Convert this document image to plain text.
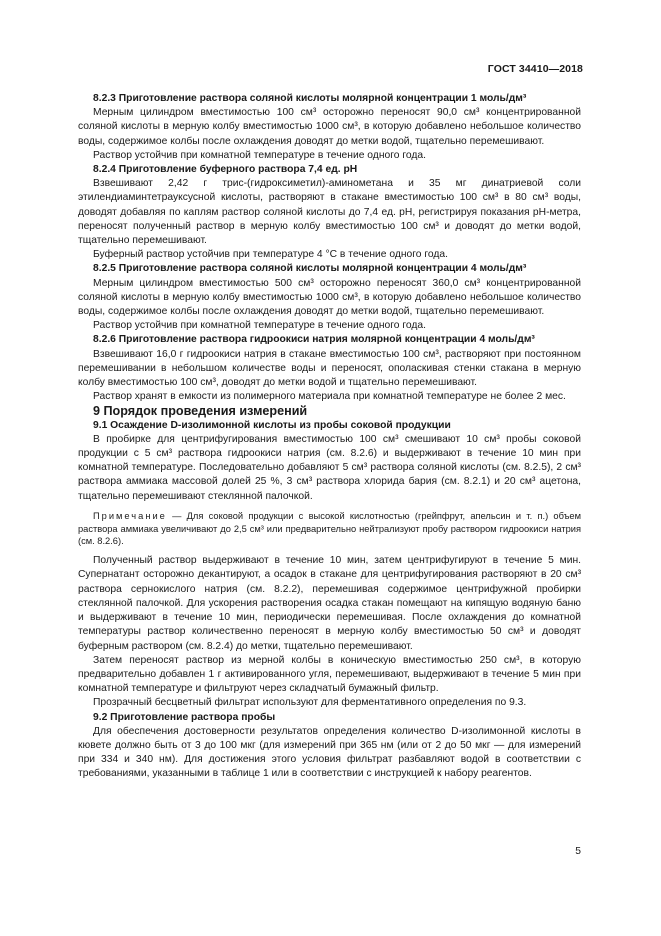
ГОСТ 34410—2018

8.2.3 Приготовление раствора соляной кислоты молярной концентрации 1 моль/дм³

Мерным цилиндром вместимостью 100 см³ осторожно переносят 90,0 см³ концентрированной соляной кислоты в мерную колбу вместимостью 1000 см³, в которую добавлено небольшое количество воды, содержимое колбы после охлаждения доводят до метки водой, тщательно перемешивают.

Раствор устойчив при комнатной температуре в течение одного года.

8.2.4 Приготовление буферного раствора 7,4 ед. pH

Взвешивают 2,42 г трис-(гидроксиметил)-аминометана и 35 мг динатриевой соли этилендиаминтетрауксусной кислоты, растворяют в стакане вместимостью 100 см³ в 80 см³ воды, доводят добавляя по каплям раствор соляной кислоты до 7,4 ед. pH, регистрируя показания pH-метра, переносят полученный раствор в мерную колбу вместимостью 100 см³ и доводят до метки водой, тщательно перемешивают.

Буферный раствор устойчив при температуре 4 °С в течение одного года.

8.2.5 Приготовление раствора соляной кислоты молярной концентрации 4 моль/дм³

Мерным цилиндром вместимостью 500 см³ осторожно переносят 360,0 см³ концентрированной соляной кислоты в мерную колбу вместимостью 1000 см³, в которую добавлено небольшое количество воды, содержимое колбы после охлаждения доводят до метки водой, тщательно перемешивают.

Раствор устойчив при комнатной температуре в течение одного года.

8.2.6 Приготовление раствора гидроокиси натрия молярной концентрации 4 моль/дм³

Взвешивают 16,0 г гидроокиси натрия в стакане вместимостью 100 см³, растворяют при постоянном перемешивании в небольшом количестве воды и переносят, ополаскивая стенки стакана в мерную колбу вместимостью 100 см³, доводят до метки водой и тщательно перемешивают.

Раствор хранят в емкости из полимерного материала при комнатной температуре не более 2 мес.

9 Порядок проведения измерений

9.1 Осаждение D-изолимонной кислоты из пробы соковой продукции

В пробирке для центрифугирования вместимостью 100 см³ смешивают 10 см³ пробы соковой продукции с 5 см³ раствора гидроокиси натрия (см. 8.2.6) и выдерживают в течение 10 мин при комнатной температуре. Последовательно добавляют 5 см³ раствора соляной кислоты (см. 8.2.5), 2 см³ раствора аммиака массовой долей 25 %, 3 см³ раствора хлорида бария (см. 8.2.1) и 20 см³ ацетона, тщательно перемешивают стеклянной палочкой.

Примечание — Для соковой продукции с высокой кислотностью (грейпфрут, апельсин и т. п.) объем раствора аммиака увеличивают до 2,5 см³ или предварительно нейтрализуют пробу раствором гидроокиси натрия (см. 8.2.6).

Полученный раствор выдерживают в течение 10 мин, затем центрифугируют в течение 5 мин. Супернатант осторожно декантируют, а осадок в стакане для центрифугирования растворяют в 20 см³ раствора сернокислого натрия (см. 8.2.2), перемешивая содержимое центрифужной пробирки стеклянной палочкой. Для ускорения растворения осадка стакан помещают на кипящую водяную баню и выдерживают в течение 10 мин, периодически перемешивая. После охлаждения до комнатной температуры раствор количественно переносят в мерную колбу вместимостью 50 см³ и доводят буферным раствором (см. 8.2.4) до метки, тщательно перемешивают.

Затем переносят раствор из мерной колбы в коническую вместимостью 250 см³, в которую предварительно добавлен 1 г активированного угля, перемешивают, выдерживают в течение 5 мин при комнатной температуре и фильтруют через складчатый бумажный фильтр.

Прозрачный бесцветный фильтрат используют для ферментативного определения по 9.3.

9.2 Приготовление раствора пробы

Для обеспечения достоверности результатов определения количество D-изолимонной кислоты в кювете должно быть от 3 до 100 мкг (для измерений при 365 нм (или от 2 до 50 мкг — для измерений при 334 и 340 нм). Для достижения этого условия фильтрат разбавляют водой в соответствии с требованиями, указанными в таблице 1 или в соответствии с инструкцией к набору реагентов.

5
